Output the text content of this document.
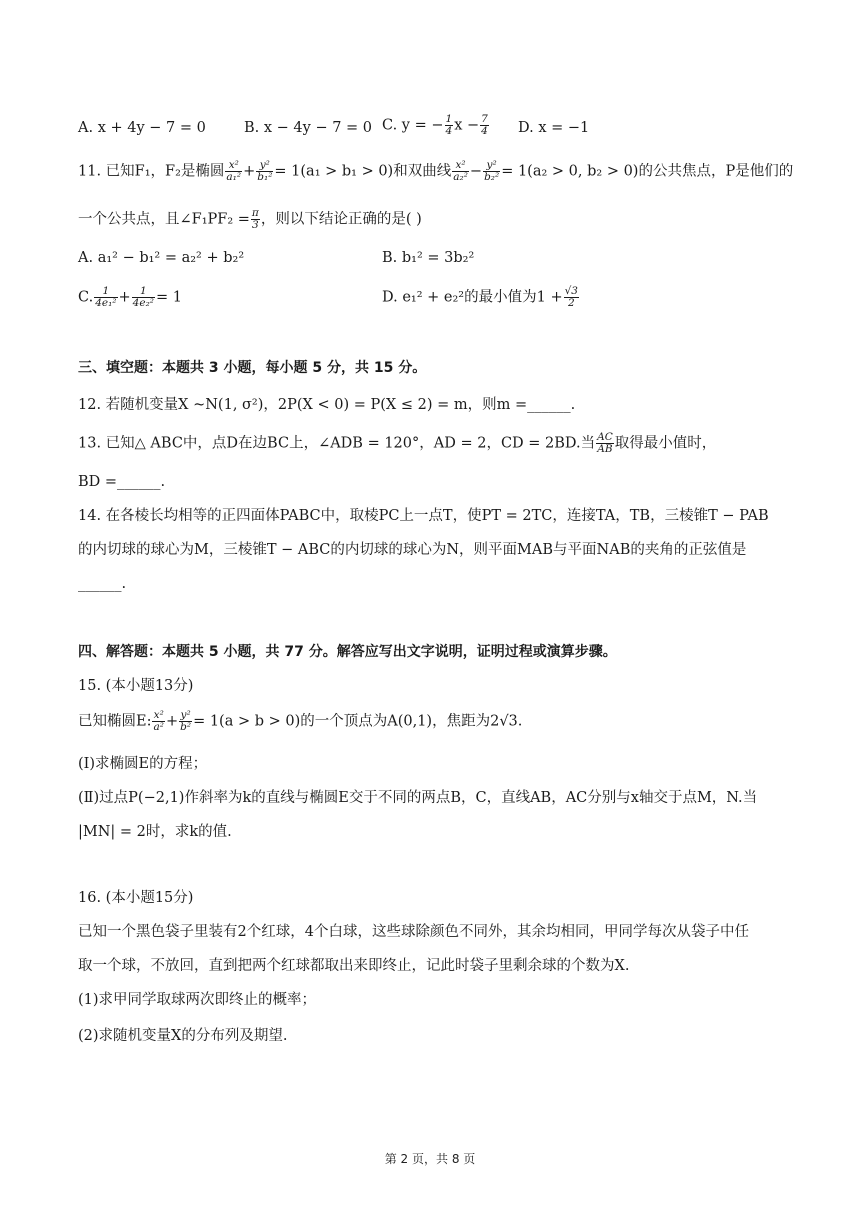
A. x + 4y − 7 = 0	B. x − 4y − 7 = 0 C. y = − $\frac{1}{4}$ $x - \frac{7}{4} D$. x = −1
11. 已知F₁，F₂是椭圆 $\frac{\text{x²}}{\text{a₁²}} + \frac{\text{y²}}{\text{b₁²}} = 1(a_1 > b_1 > 0)$和双曲线 $\frac{\text{x²}}{\text{a₂²}} - \frac{\text{y²}}{\text{b₂²}} = 1(a_2 > 0$, b₂ > 0)的公共焦点，P是他们的
一个公共点，且∠F₁PF₂ = $\frac{\pi}{3}$ ，则以下结论正确的是( )
A. a₁² − b₁² = a₂² + b₂²	B. b₁² = 3b₂²
C. $\frac{1}{\text{4e₁²}} + \frac{1}{\text{4e₂²}} = 1$	D. e₁² + e₂²的最小值为$1 + \frac{√3}{2}$
三、填空题：本题共 3 小题，每小题 5 分，共 15 分。
12. 若随机变量X ~N(1, σ²)，2P(X < 0) = P(X ≤ 2) = m，则m =______.
13. 已知△ ABC中，点D在边BC上，∠ADB = 120°，AD = 2，CD = 2BD.当 $\frac{AC}{AB}$ 取得最小值时，
BD =______.
14. 在各棱长均相等的正四面体PABC中，取棱PC上一点T，使PT = 2TC，连接TA，TB，三棱锥T − PAB
的内切球的球心为M，三棱锥T − ABC的内切球的球心为N，则平面MAB与平面NAB的夹角的正弦值是
______.
四、解答题：本题共 5 小题，共 77 分。解答应写出文字说明，证明过程或演算步骤。
15. (本小题13分)
已知椭圆E: $\frac{\text{x²}}{\text{a²}} + \frac{\text{y²}}{\text{b²}} = 1(a > b > 0)$的一个顶点为A(0,1)，焦距为2√3.
(Ⅰ)求椭圆E的方程；
(Ⅱ)过点P(−2,1)作斜率为k的直线与椭圆E交于不同的两点B，C，直线AB，AC分别与x轴交于点M，N.当
|MN| = 2时，求k的值.
16. (本小题15分)
已知一个黑色袋子里装有2个红球，4个白球，这些球除颜色不同外，其余均相同，甲同学每次从袋子中任
取一个球，不放回，直到把两个红球都取出来即终止，记此时袋子里剩余球的个数为X.
(1)求甲同学取球两次即终止的概率；
(2)求随机变量X的分布列及期望.
第 2 页，共 8 页
